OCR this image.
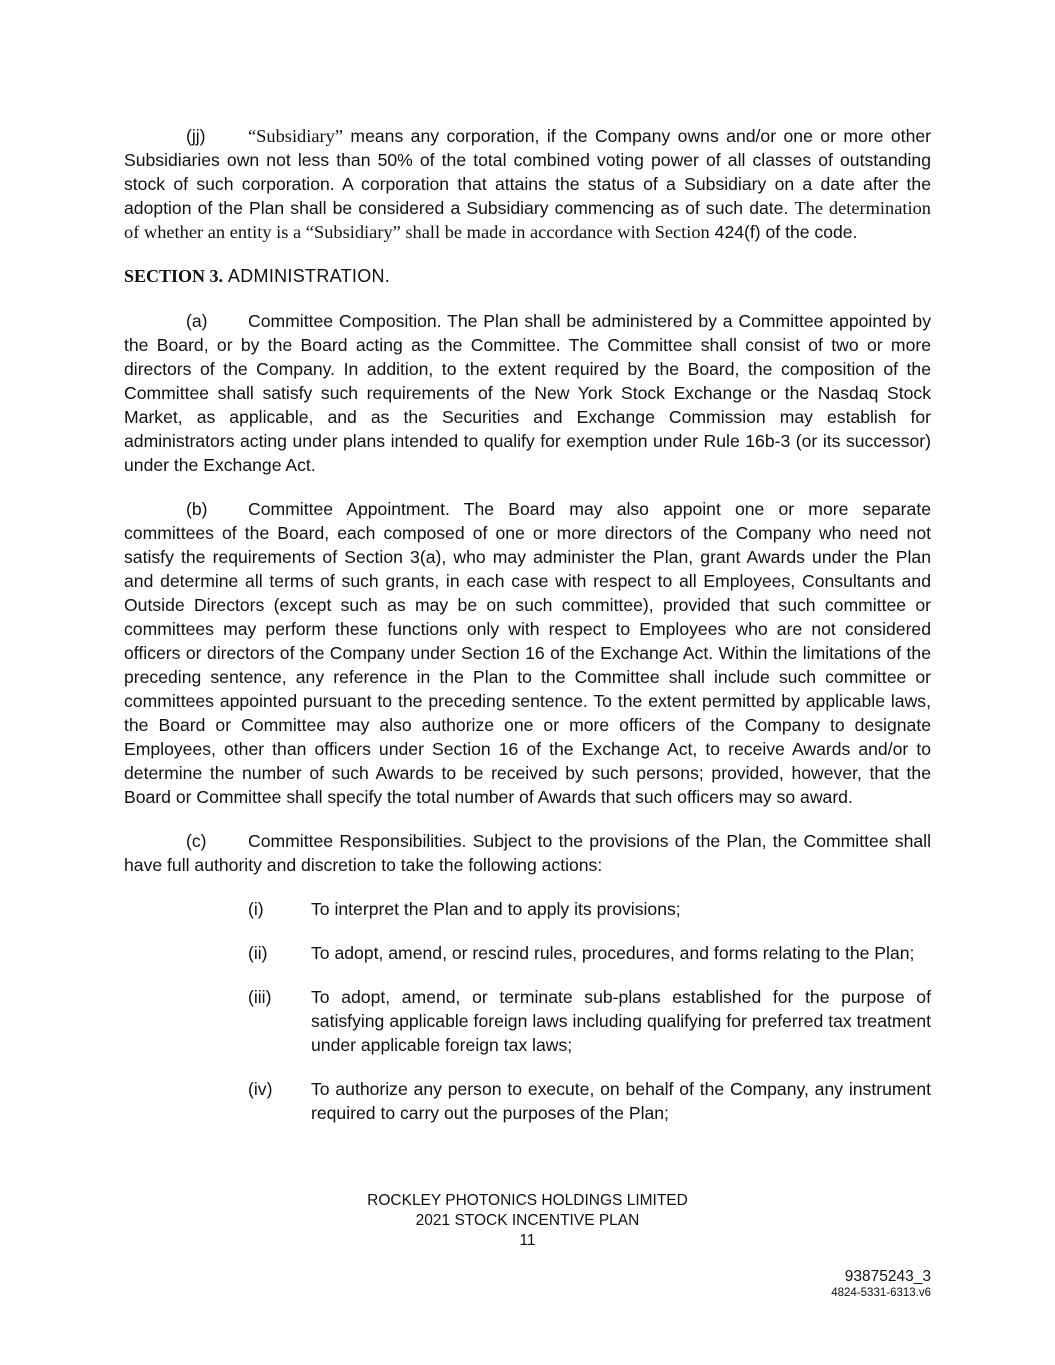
(jj) “Subsidiary” means any corporation, if the Company owns and/or one or more other Subsidiaries own not less than 50% of the total combined voting power of all classes of outstanding stock of such corporation. A corporation that attains the status of a Subsidiary on a date after the adoption of the Plan shall be considered a Subsidiary commencing as of such date. The determination of whether an entity is a “Subsidiary” shall be made in accordance with Section 424(f) of the code.

SECTION 3. ADMINISTRATION.

(a) Committee Composition. The Plan shall be administered by a Committee appointed by the Board, or by the Board acting as the Committee. The Committee shall consist of two or more directors of the Company. In addition, to the extent required by the Board, the composition of the Committee shall satisfy such requirements of the New York Stock Exchange or the Nasdaq Stock Market, as applicable, and as the Securities and Exchange Commission may establish for administrators acting under plans intended to qualify for exemption under Rule 16b-3 (or its successor) under the Exchange Act.

(b) Committee Appointment. The Board may also appoint one or more separate committees of the Board, each composed of one or more directors of the Company who need not satisfy the requirements of Section 3(a), who may administer the Plan, grant Awards under the Plan and determine all terms of such grants, in each case with respect to all Employees, Consultants and Outside Directors (except such as may be on such committee), provided that such committee or committees may perform these functions only with respect to Employees who are not considered officers or directors of the Company under Section 16 of the Exchange Act. Within the limitations of the preceding sentence, any reference in the Plan to the Committee shall include such committee or committees appointed pursuant to the preceding sentence. To the extent permitted by applicable laws, the Board or Committee may also authorize one or more officers of the Company to designate Employees, other than officers under Section 16 of the Exchange Act, to receive Awards and/or to determine the number of such Awards to be received by such persons; provided, however, that the Board or Committee shall specify the total number of Awards that such officers may so award.

(c) Committee Responsibilities. Subject to the provisions of the Plan, the Committee shall have full authority and discretion to take the following actions:

(i)	To interpret the Plan and to apply its provisions;
(ii)	To adopt, amend, or rescind rules, procedures, and forms relating to the Plan;
(iii)	To adopt, amend, or terminate sub-plans established for the purpose of satisfying applicable foreign laws including qualifying for preferred tax treatment under applicable foreign tax laws;
(iv)	To authorize any person to execute, on behalf of the Company, any instrument required to carry out the purposes of the Plan;
ROCKLEY PHOTONICS HOLDINGS LIMITED
2021 STOCK INCENTIVE PLAN
11
93875243_3
4824-5331-6313.v6
